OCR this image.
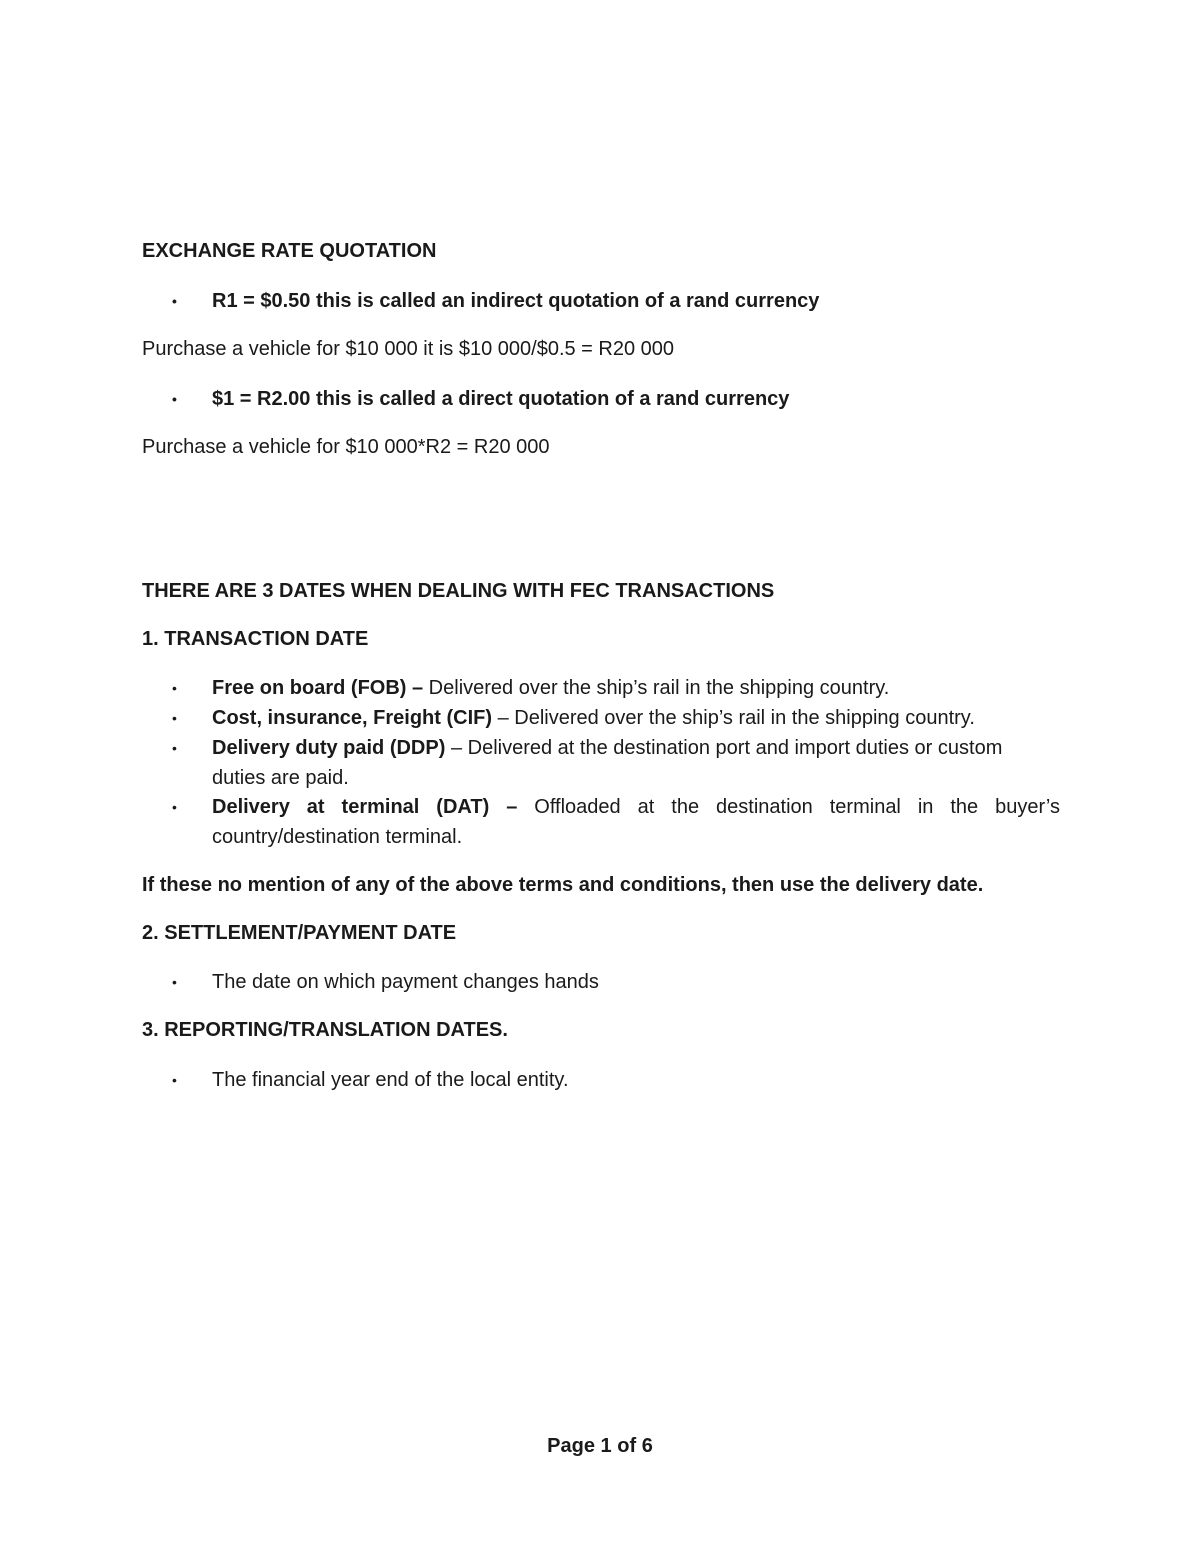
EXCHANGE RATE QUOTATION
•	R1 = $0.50 this is called an indirect quotation of a rand currency
Purchase a vehicle for $10 000 it is $10 000/$0.5 = R20 000
•	$1 = R2.00 this is called a direct quotation of a rand currency
Purchase a vehicle for $10 000*R2 = R20 000
THERE ARE 3 DATES WHEN DEALING WITH FEC TRANSACTIONS
1. TRANSACTION DATE
•	Free on board (FOB) – Delivered over the ship’s rail in the shipping country.
•	Cost, insurance, Freight (CIF) – Delivered over the ship’s rail in the shipping country.
•	Delivery duty paid (DDP) – Delivered at the destination port and import duties or custom duties are paid.
•	Delivery at terminal (DAT) – Offloaded at the destination terminal in the buyer’s country/destination terminal.
If these no mention of any of the above terms and conditions, then use the delivery date.
2. SETTLEMENT/PAYMENT DATE
•	The date on which payment changes hands
3. REPORTING/TRANSLATION DATES.
•	The financial year end of the local entity.
Page 1 of 6
